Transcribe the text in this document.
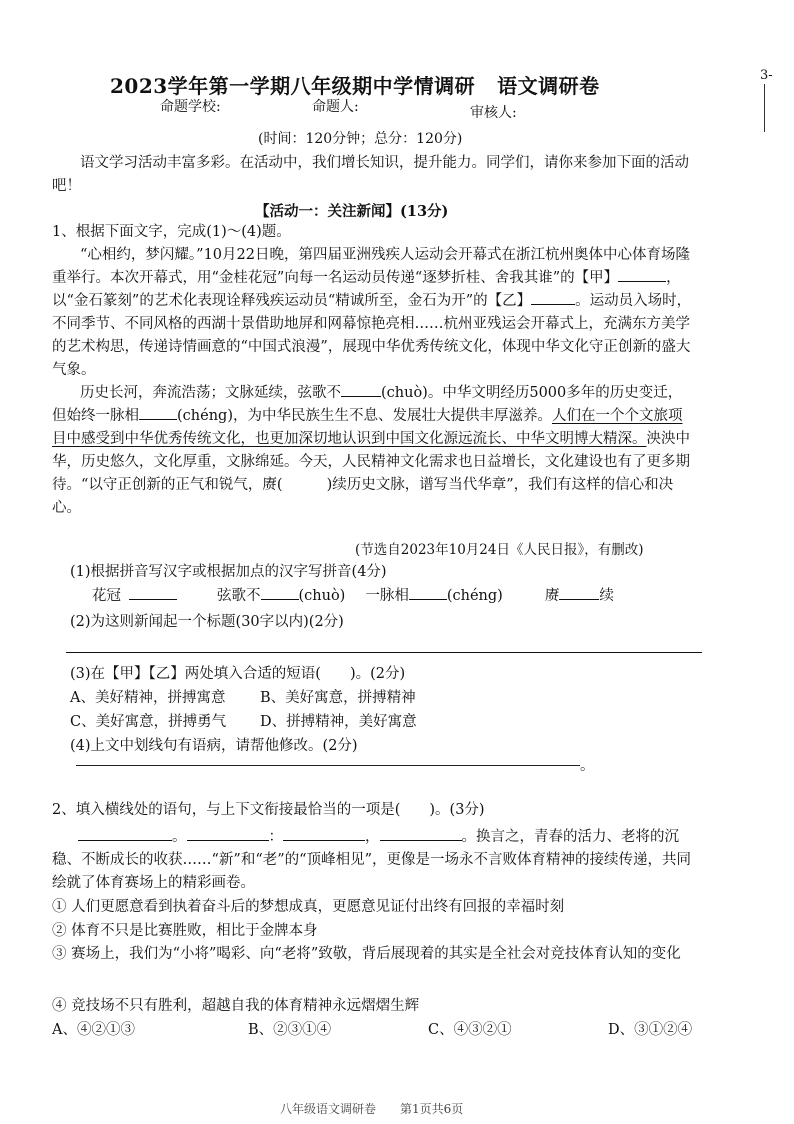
2023学年第一学期八年级期中学情调研 语文调研卷	3-
命题学校:	命题人:	审核人:
(时间：120分钟；总分：120分)

语文学习活动丰富多彩。在活动中，我们增长知识，提升能力。同学们，请你来参加下面的活动吧！

【活动一：关注新闻】(13分)
1、根据下面文字，完成(1)～(4)题。

“心相约，梦闪耀。”10月22日晚，第四届亚洲残疾人运动会开幕式在浙江杭州奥体中心体育场隆重举行。本次开幕式，用“金桂花冠”向每一名运动员传递“逐梦折桂、舍我其谁”的【甲】	，以“金石篆刻”的艺术化表现诠释残疾运动员“精诚所至，金石为开”的【乙】	。运动员入场时，不同季节、不同风格的西湖十景借助地屏和网幕惊艳亮相……杭州亚残运会开幕式上，充满东方美学的艺术构思，传递诗情画意的“中国式浪漫”，展现中华优秀传统文化，体现中华文化守正创新的盛大气象。

历史长河，奔流浩荡；文脉延续，弦歌不	(chuò)。中华文明经历5000多年的历史变迁，但始终一脉相	(chéng)，为中华民族生生不息、发展壮大提供丰厚滋养。人们在一个个文旅项目中感受到中华优秀传统文化，也更加深切地认识到中国文化源远流长、中华文明博大精深。泱泱中华，历史悠久，文化厚重，文脉绵延。今天，人民精神文化需求也日益增长，文化建设也有了更多期待。“以守正创新的正气和锐气，赓(	)续历史文脉，谱写当代华章”，我们有这样的信心和决心。

(节选自2023年10月24日《人民日报》，有删改)
(1)根据拼音写汉字或根据加点的汉字写拼音(4分)
花冠	弦歌不	(chuò) 一脉相	(chéng)	赓	续
(2)为这则新闻起一个标题(30字以内)(2分)
(3)在【甲】【乙】两处填入合适的短语(　　)。(2分)
A、美好精神，拼搏寓意 B、美好寓意，拼搏精神
C、美好寓意，拼搏勇气 D、拼搏精神，美好寓意
(4)上文中划线句有语病，请帮他修改。(2分)
。
2、填入横线处的语句，与上下文衔接最恰当的一项是(　　)。(3分)

。	：	，	。换言之，青春的活力、老将的沉稳、不断成长的收获……“新”和“老”的“顶峰相见”，更像是一场永不言败体育精神的接续传递，共同绘就了体育赛场上的精彩画卷。

① 人们更愿意看到执着奋斗后的梦想成真，更愿意见证付出终有回报的幸福时刻
② 体育不只是比赛胜败，相比于金牌本身

③ 赛场上，我们为“小将”喝彩、向“老将”致敬，背后展现着的其实是全社会对竞技体育认知的变化

④ 竞技场不只有胜利，超越自我的体育精神永远熠熠生辉
A、④②①③	B、②③①④	C、④③②①	D、③①②④
八年级语文调研卷　　第1页共6页
